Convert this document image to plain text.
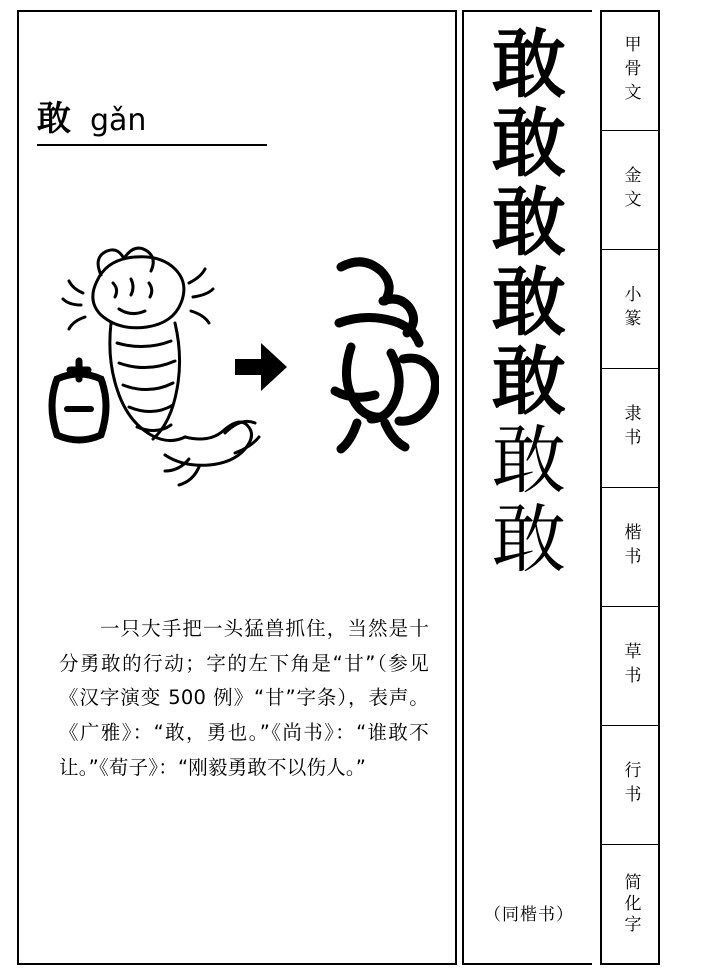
敢 gǎn
一只大手把一头猛兽抓住，当然是十分勇敢的行动；字的左下角是“甘”（参见《汉字演变 500 例》“甘”字条），表声。《广雅》：“敢，勇也。”《尚书》：“谁敢不让。”《荀子》：“刚毅勇敢不以伤人。”
敢
敢
敢
敢
敢
敢
敢
（同楷书）
甲骨文
金文
小篆
隶书
楷书
草书
行书
简化字
